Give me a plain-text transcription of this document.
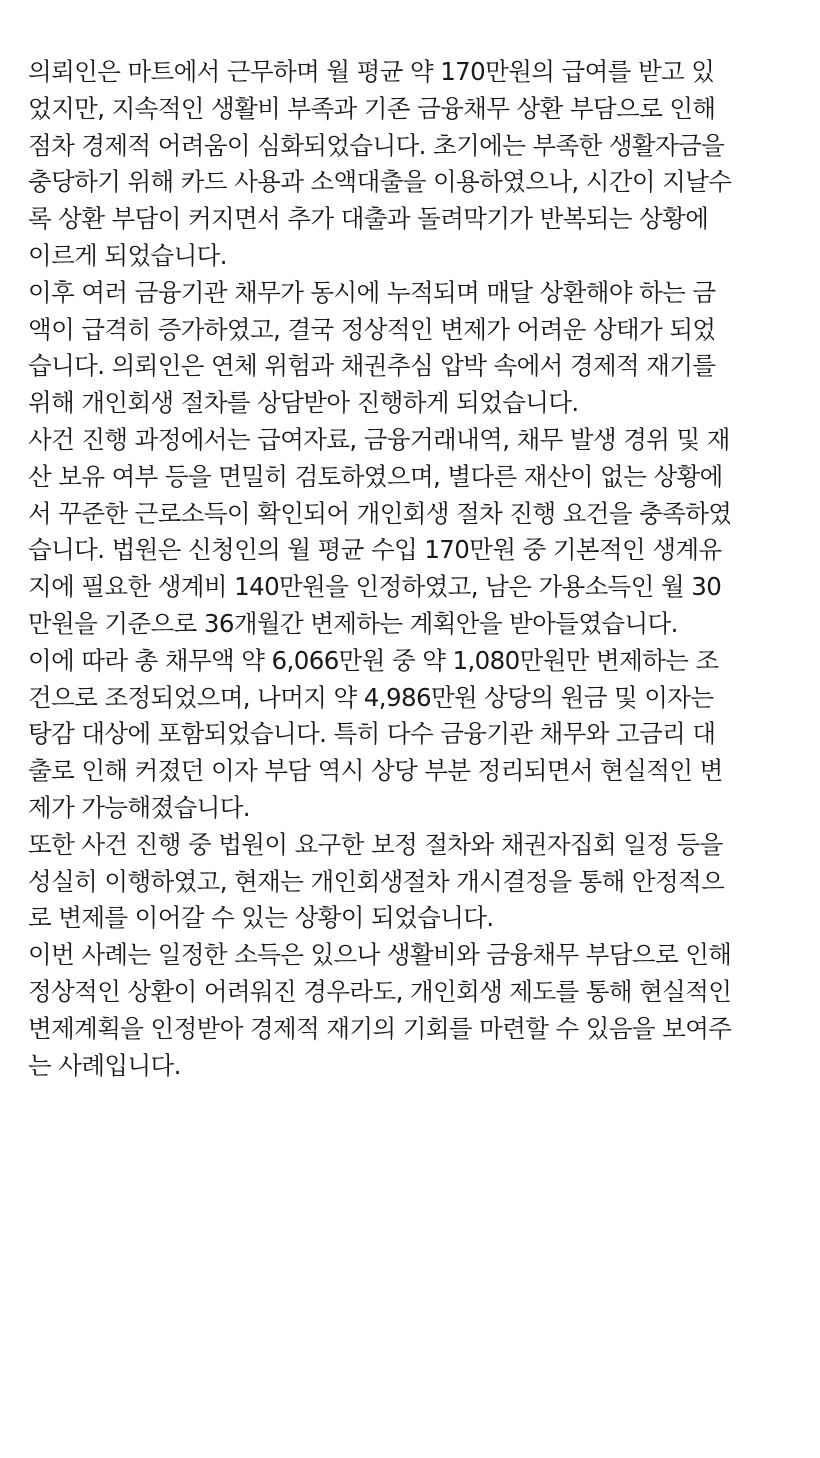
의뢰인은 마트에서 근무하며 월 평균 약 170만원의 급여를 받고 있
었지만, 지속적인 생활비 부족과 기존 금융채무 상환 부담으로 인해
점차 경제적 어려움이 심화되었습니다. 초기에는 부족한 생활자금을
충당하기 위해 카드 사용과 소액대출을 이용하였으나, 시간이 지날수
록 상환 부담이 커지면서 추가 대출과 돌려막기가 반복되는 상황에
이르게 되었습니다.

이후 여러 금융기관 채무가 동시에 누적되며 매달 상환해야 하는 금
액이 급격히 증가하였고, 결국 정상적인 변제가 어려운 상태가 되었
습니다. 의뢰인은 연체 위험과 채권추심 압박 속에서 경제적 재기를
위해 개인회생 절차를 상담받아 진행하게 되었습니다.

사건 진행 과정에서는 급여자료, 금융거래내역, 채무 발생 경위 및 재
산 보유 여부 등을 면밀히 검토하였으며, 별다른 재산이 없는 상황에
서 꾸준한 근로소득이 확인되어 개인회생 절차 진행 요건을 충족하였
습니다. 법원은 신청인의 월 평균 수입 170만원 중 기본적인 생계유
지에 필요한 생계비 140만원을 인정하였고, 남은 가용소득인 월 30
만원을 기준으로 36개월간 변제하는 계획안을 받아들였습니다.

이에 따라 총 채무액 약 6,066만원 중 약 1,080만원만 변제하는 조
건으로 조정되었으며, 나머지 약 4,986만원 상당의 원금 및 이자는
탕감 대상에 포함되었습니다. 특히 다수 금융기관 채무와 고금리 대
출로 인해 커졌던 이자 부담 역시 상당 부분 정리되면서 현실적인 변
제가 가능해졌습니다.

또한 사건 진행 중 법원이 요구한 보정 절차와 채권자집회 일정 등을
성실히 이행하였고, 현재는 개인회생절차 개시결정을 통해 안정적으
로 변제를 이어갈 수 있는 상황이 되었습니다.

이번 사례는 일정한 소득은 있으나 생활비와 금융채무 부담으로 인해
정상적인 상환이 어려워진 경우라도, 개인회생 제도를 통해 현실적인
변제계획을 인정받아 경제적 재기의 기회를 마련할 수 있음을 보여주
는 사례입니다.
